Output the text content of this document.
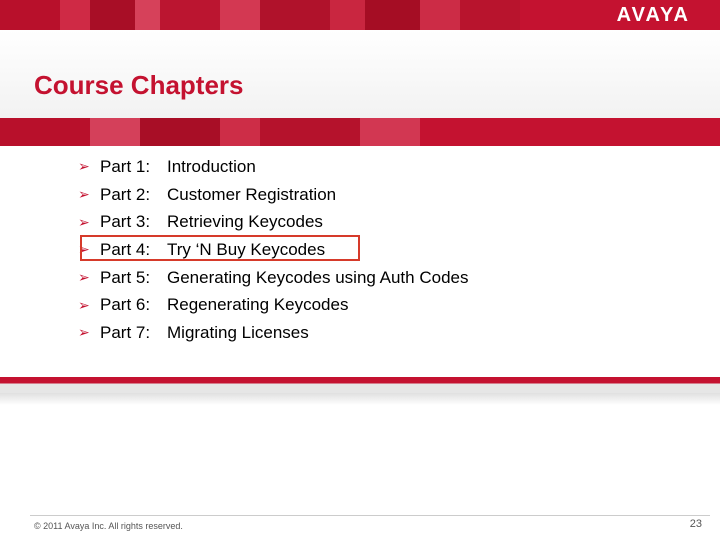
AVAYA
Course Chapters
➢ Part 1: Introduction
➢ Part 2: Customer Registration
➢ Part 3: Retrieving Keycodes
➢ Part 4: Try ‘N Buy Keycodes
➢ Part 5: Generating Keycodes using Auth Codes
➢ Part 6: Regenerating Keycodes
➢ Part 7: Migrating Licenses
© 2011 Avaya Inc. All rights reserved.	23
